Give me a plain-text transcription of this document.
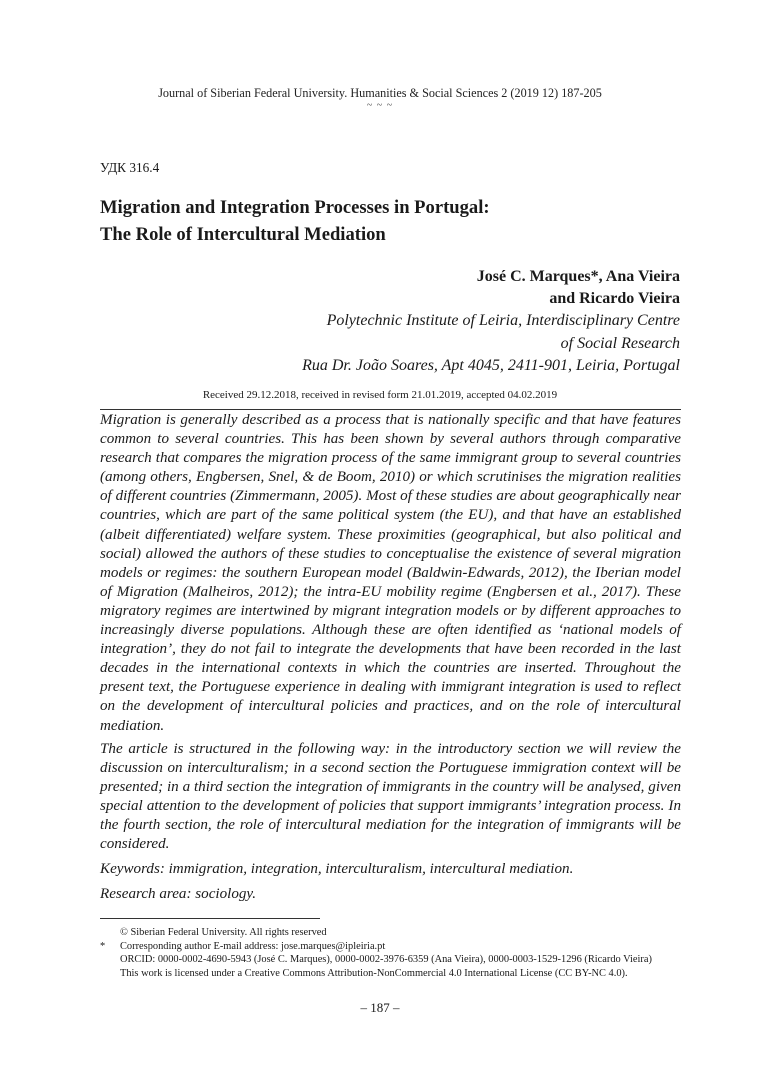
Journal of Siberian Federal University. Humanities & Social Sciences 2 (2019 12) 187-205
~ ~ ~
УДК 316.4
Migration and Integration Processes in Portugal:
The Role of Intercultural Mediation
José C. Marques*, Ana Vieira
and Ricardo Vieira
Polytechnic Institute of Leiria, Interdisciplinary Centre
of Social Research
Rua Dr. João Soares, Apt 4045, 2411-901, Leiria, Portugal
Received 29.12.2018, received in revised form 21.01.2019, accepted 04.02.2019

Migration is generally described as a process that is nationally specific and that have features common to several countries. This has been shown by several authors through comparative research that compares the migration process of the same immigrant group to several countries (among others, Engbersen, Snel, & de Boom, 2010) or which scrutinises the migration realities of different countries (Zimmermann, 2005). Most of these studies are about geographically near countries, which are part of the same political system (the EU), and that have an established (albeit differentiated) welfare system. These proximities (geographical, but also political and social) allowed the authors of these studies to conceptualise the existence of several migration models or regimes: the southern European model (Baldwin-Edwards, 2012), the Iberian model of Migration (Malheiros, 2012); the intra-EU mobility regime (Engbersen et al., 2017). These migratory regimes are intertwined by migrant integration models or by different approaches to increasingly diverse populations. Although these are often identified as ‘national models of integration’, they do not fail to integrate the developments that have been recorded in the last decades in the international contexts in which the countries are inserted. Throughout the present text, the Portuguese experience in dealing with immigrant integration is used to reflect on the development of intercultural policies and practices, and on the role of intercultural mediation.

The article is structured in the following way: in the introductory section we will review the discussion on interculturalism; in a second section the Portuguese immigration context will be presented; in a third section the integration of immigrants in the country will be analysed, given special attention to the development of policies that support immigrants’ integration process. In the fourth section, the role of intercultural mediation for the integration of immigrants will be considered.

Keywords: immigration, integration, interculturalism, intercultural mediation.

Research area: sociology.

© Siberian Federal University. All rights reserved
* Corresponding author E-mail address: jose.marques@ipleiria.pt
ORCID: 0000-0002-4690-5943 (José C. Marques), 0000-0002-3976-6359 (Ana Vieira), 0000-0003-1529-1296 (Ricardo Vieira)
This work is licensed under a Creative Commons Attribution-NonCommercial 4.0 International License (CC BY-NC 4.0).
– 187 –
